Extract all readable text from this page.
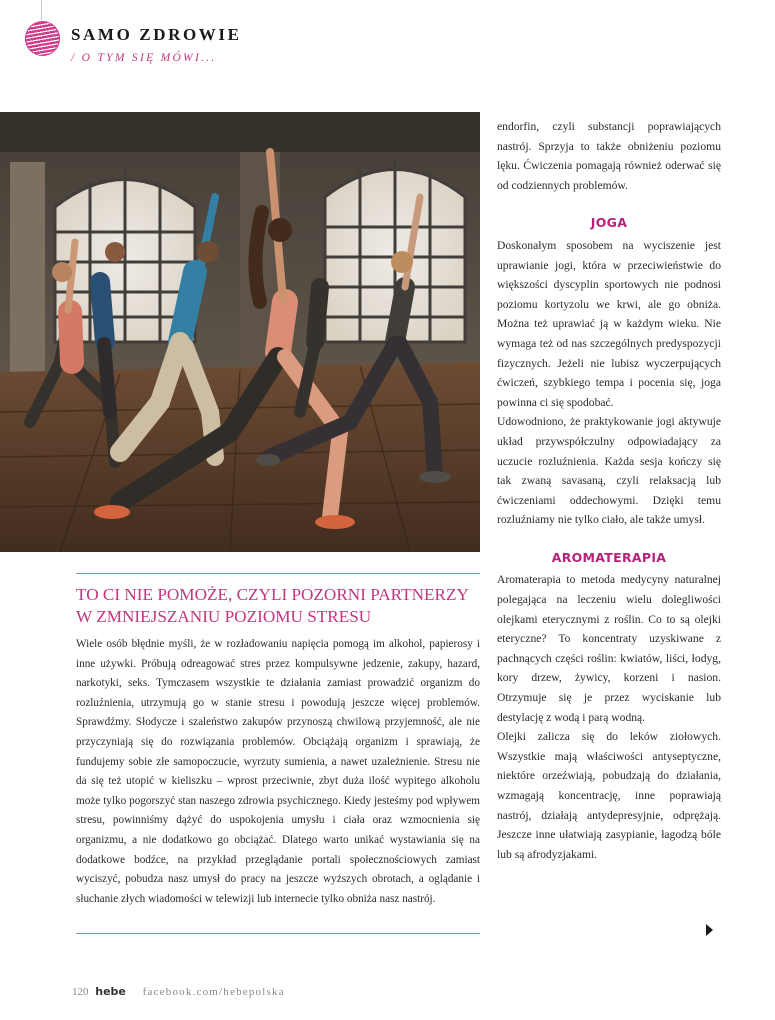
SAMO ZDROWIE
/ O TYM SIĘ MÓWI...

endorfin, czyli substancji poprawiających nastrój. Sprzyja to także obniżeniu poziomu lęku. Ćwiczenia pomagają również oderwać się od codziennych problemów.

JOGA

Doskonałym sposobem na wyciszenie jest uprawianie jogi, która w przeciwieństwie do większości dyscyplin sportowych nie podnosi poziomu kortyzolu we krwi, ale go obniża. Można też uprawiać ją w każdym wieku. Nie wymaga też od nas szczególnych predyspozycji fizycznych. Jeżeli nie lubisz wyczerpujących ćwiczeń, szybkiego tempa i pocenia się, joga powinna ci się spodobać.

Udowodniono, że praktykowanie jogi aktywuje układ przywspółczulny odpowiadający za uczucie rozluźnienia. Każda sesja kończy się tak zwaną savasaną, czyli relaksacją lub ćwiczeniami oddechowymi. Dzięki temu rozluźniamy nie tylko ciało, ale także umysł.

AROMATERAPIA

Aromaterapia to metoda medycyny naturalnej polegająca na leczeniu wielu dolegliwości olejkami eterycznymi z roślin. Co to są olejki eteryczne? To koncentraty uzyskiwane z pachnących części roślin: kwiatów, liści, łodyg, kory drzew, żywicy, korzeni i nasion. Otrzymuje się je przez wyciskanie lub destylację z wodą i parą wodną.

Olejki zalicza się do leków ziołowych. Wszystkie mają właściwości antyseptyczne, niektóre orzeźwiają, pobudzają do działania, wzmagają koncentrację, inne poprawiają nastrój, działają antydepresyjnie, odprężają. Jeszcze inne ułatwiają zasypianie, łagodzą bóle lub są afrodyzjakami.

TO CI NIE POMOŻE, CZYLI POZORNI PARTNERZY W ZMNIEJSZANIU POZIOMU STRESU

Wiele osób błędnie myśli, że w rozładowaniu napięcia pomogą im alkohol, papierosy i inne używki. Próbują odreagować stres przez kompulsywne jedzenie, zakupy, hazard, narkotyki, seks. Tymczasem wszystkie te działania zamiast prowadzić organizm do rozluźnienia, utrzymują go w stanie stresu i powodują jeszcze więcej problemów. Sprawdźmy. Słodycze i szaleństwo zakupów przynoszą chwilową przyjemność, ale nie przyczyniają się do rozwiązania problemów. Obciążają organizm i sprawiają, że fundujemy sobie złe samopoczucie, wyrzuty sumienia, a nawet uzależnienie. Stresu nie da się też utopić w kieliszku – wprost przeciwnie, zbyt duża ilość wypitego alkoholu może tylko pogorszyć stan naszego zdrowia psychicznego. Kiedy jesteśmy pod wpływem stresu, powinniśmy dążyć do uspokojenia umysłu i ciała oraz wzmocnienia się organizmu, a nie dodatkowo go obciążać. Dlatego warto unikać wystawiania się na dodatkowe bodźce, na przykład przeglądanie portali społecznościowych zamiast wyciszyć, pobudza nasz umysł do pracy na jeszcze wyższych obrotach, a oglądanie i słuchanie złych wiadomości w telewizji lub internecie tylko obniża nasz nastrój.

120 hebe facebook.com/hebepolska
